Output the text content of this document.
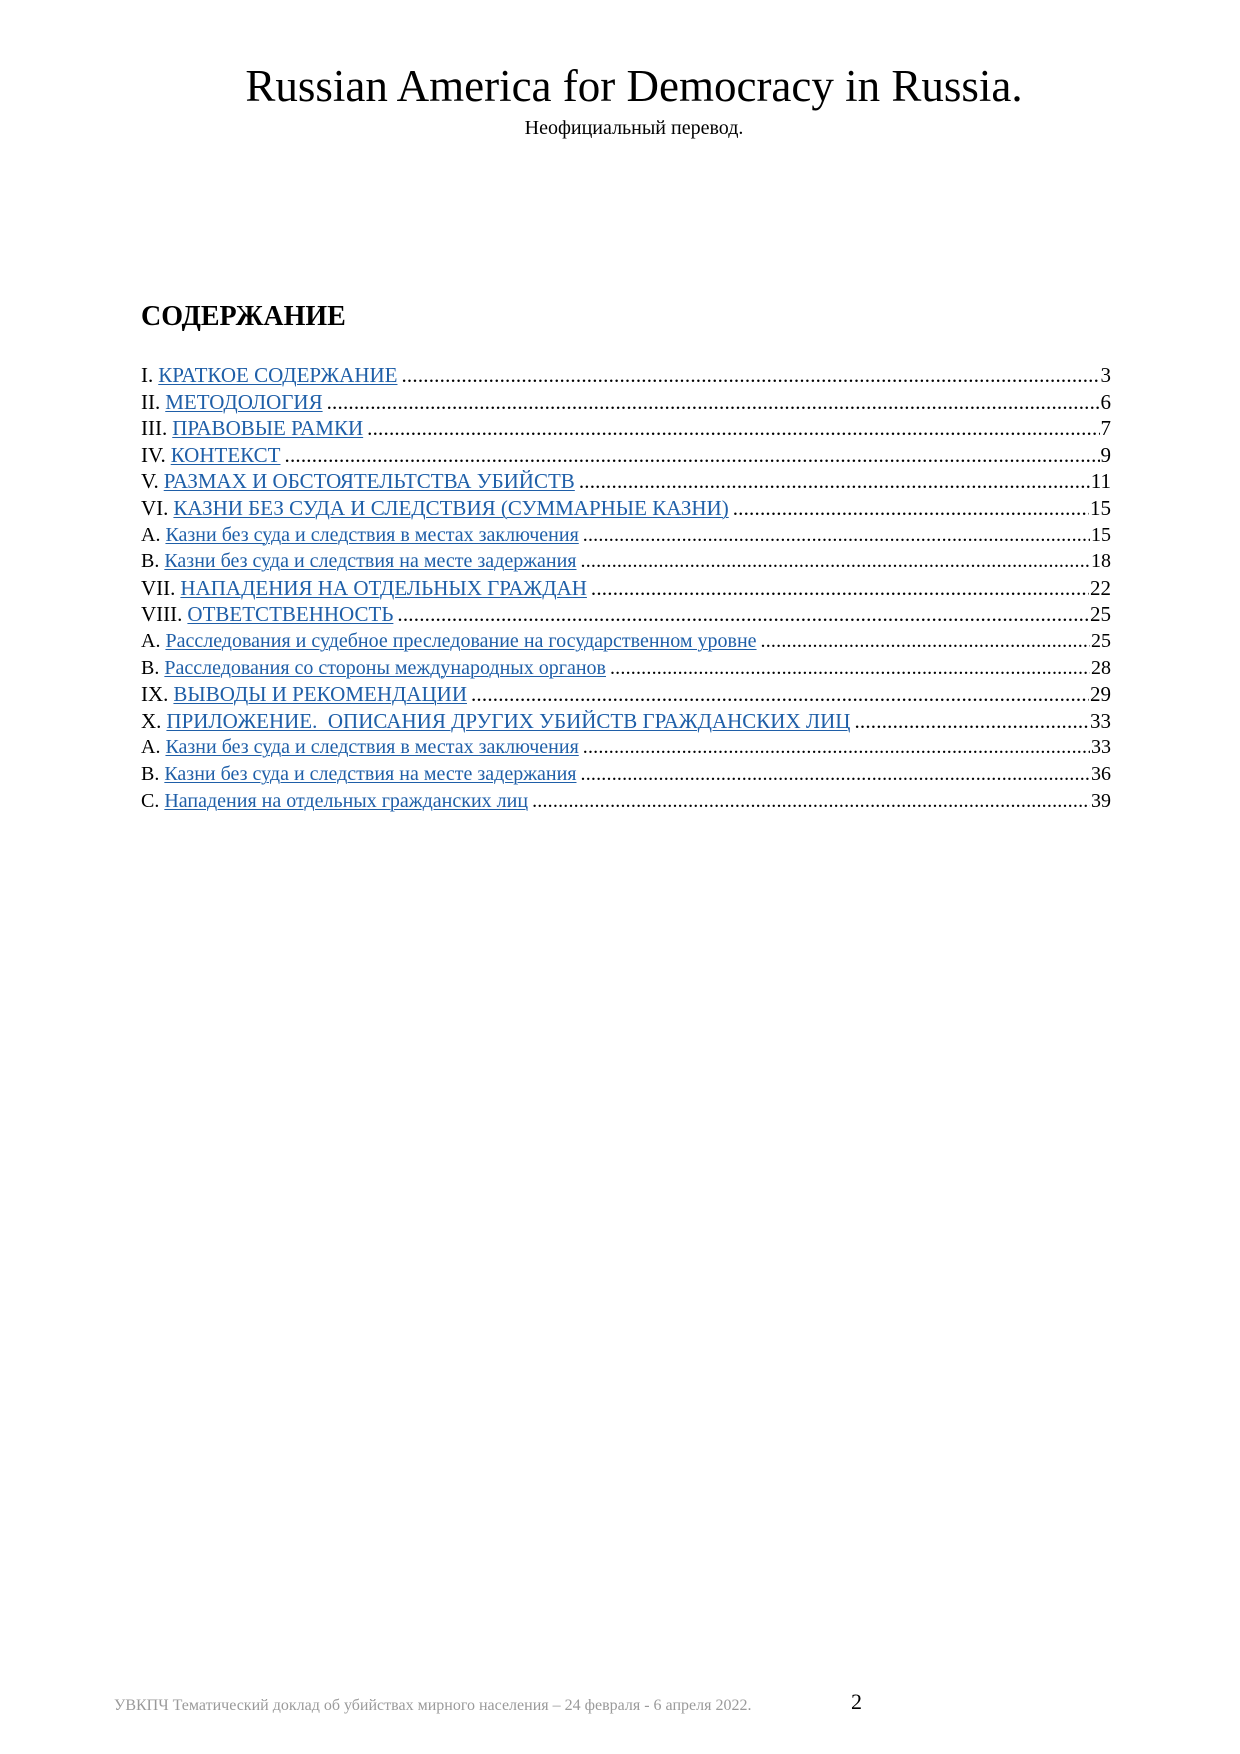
Russian America for Democracy in Russia.
Неофициальный перевод.
СОДЕРЖАНИЕ
I. КРАТКОЕ СОДЕРЖАНИЕ .....	3
II. МЕТОДОЛОГИЯ .....	6
III. ПРАВОВЫЕ РАМКИ .....	7
IV. КОНТЕКСТ .....	9
V. РАЗМАХ И ОБСТОЯТЕЛЬТСТВА УБИЙСТВ .....	11
VI. КАЗНИ БЕЗ СУДА И СЛЕДСТВИЯ (СУММАРНЫЕ КАЗНИ) .....	15
A. Казни без суда и следствия в местах заключения .....	15
B. Казни без суда и следствия на месте задержания .....	18
VII. НАПАДЕНИЯ НА ОТДЕЛЬНЫХ ГРАЖДАН .....	22
VIII. ОТВЕТСТВЕННОСТЬ .....	25
A. Расследования и судебное преследование на государственном уровне .....	25
B. Расследования со стороны международных органов .....	28
IX. ВЫВОДЫ И РЕКОМЕНДАЦИИ .....	29
X. ПРИЛОЖЕНИЕ.  ОПИСАНИЯ ДРУГИХ УБИЙСТВ ГРАЖДАНСКИХ ЛИЦ .....	33
A. Казни без суда и следствия в местах заключения .....	33
B. Казни без суда и следствия на месте задержания .....	36
C. Нападения на отдельных гражданских лиц .....	39
УВКПЧ Тематический доклад об убийствах мирного населения – 24 февраля - 6 апреля 2022.	2
